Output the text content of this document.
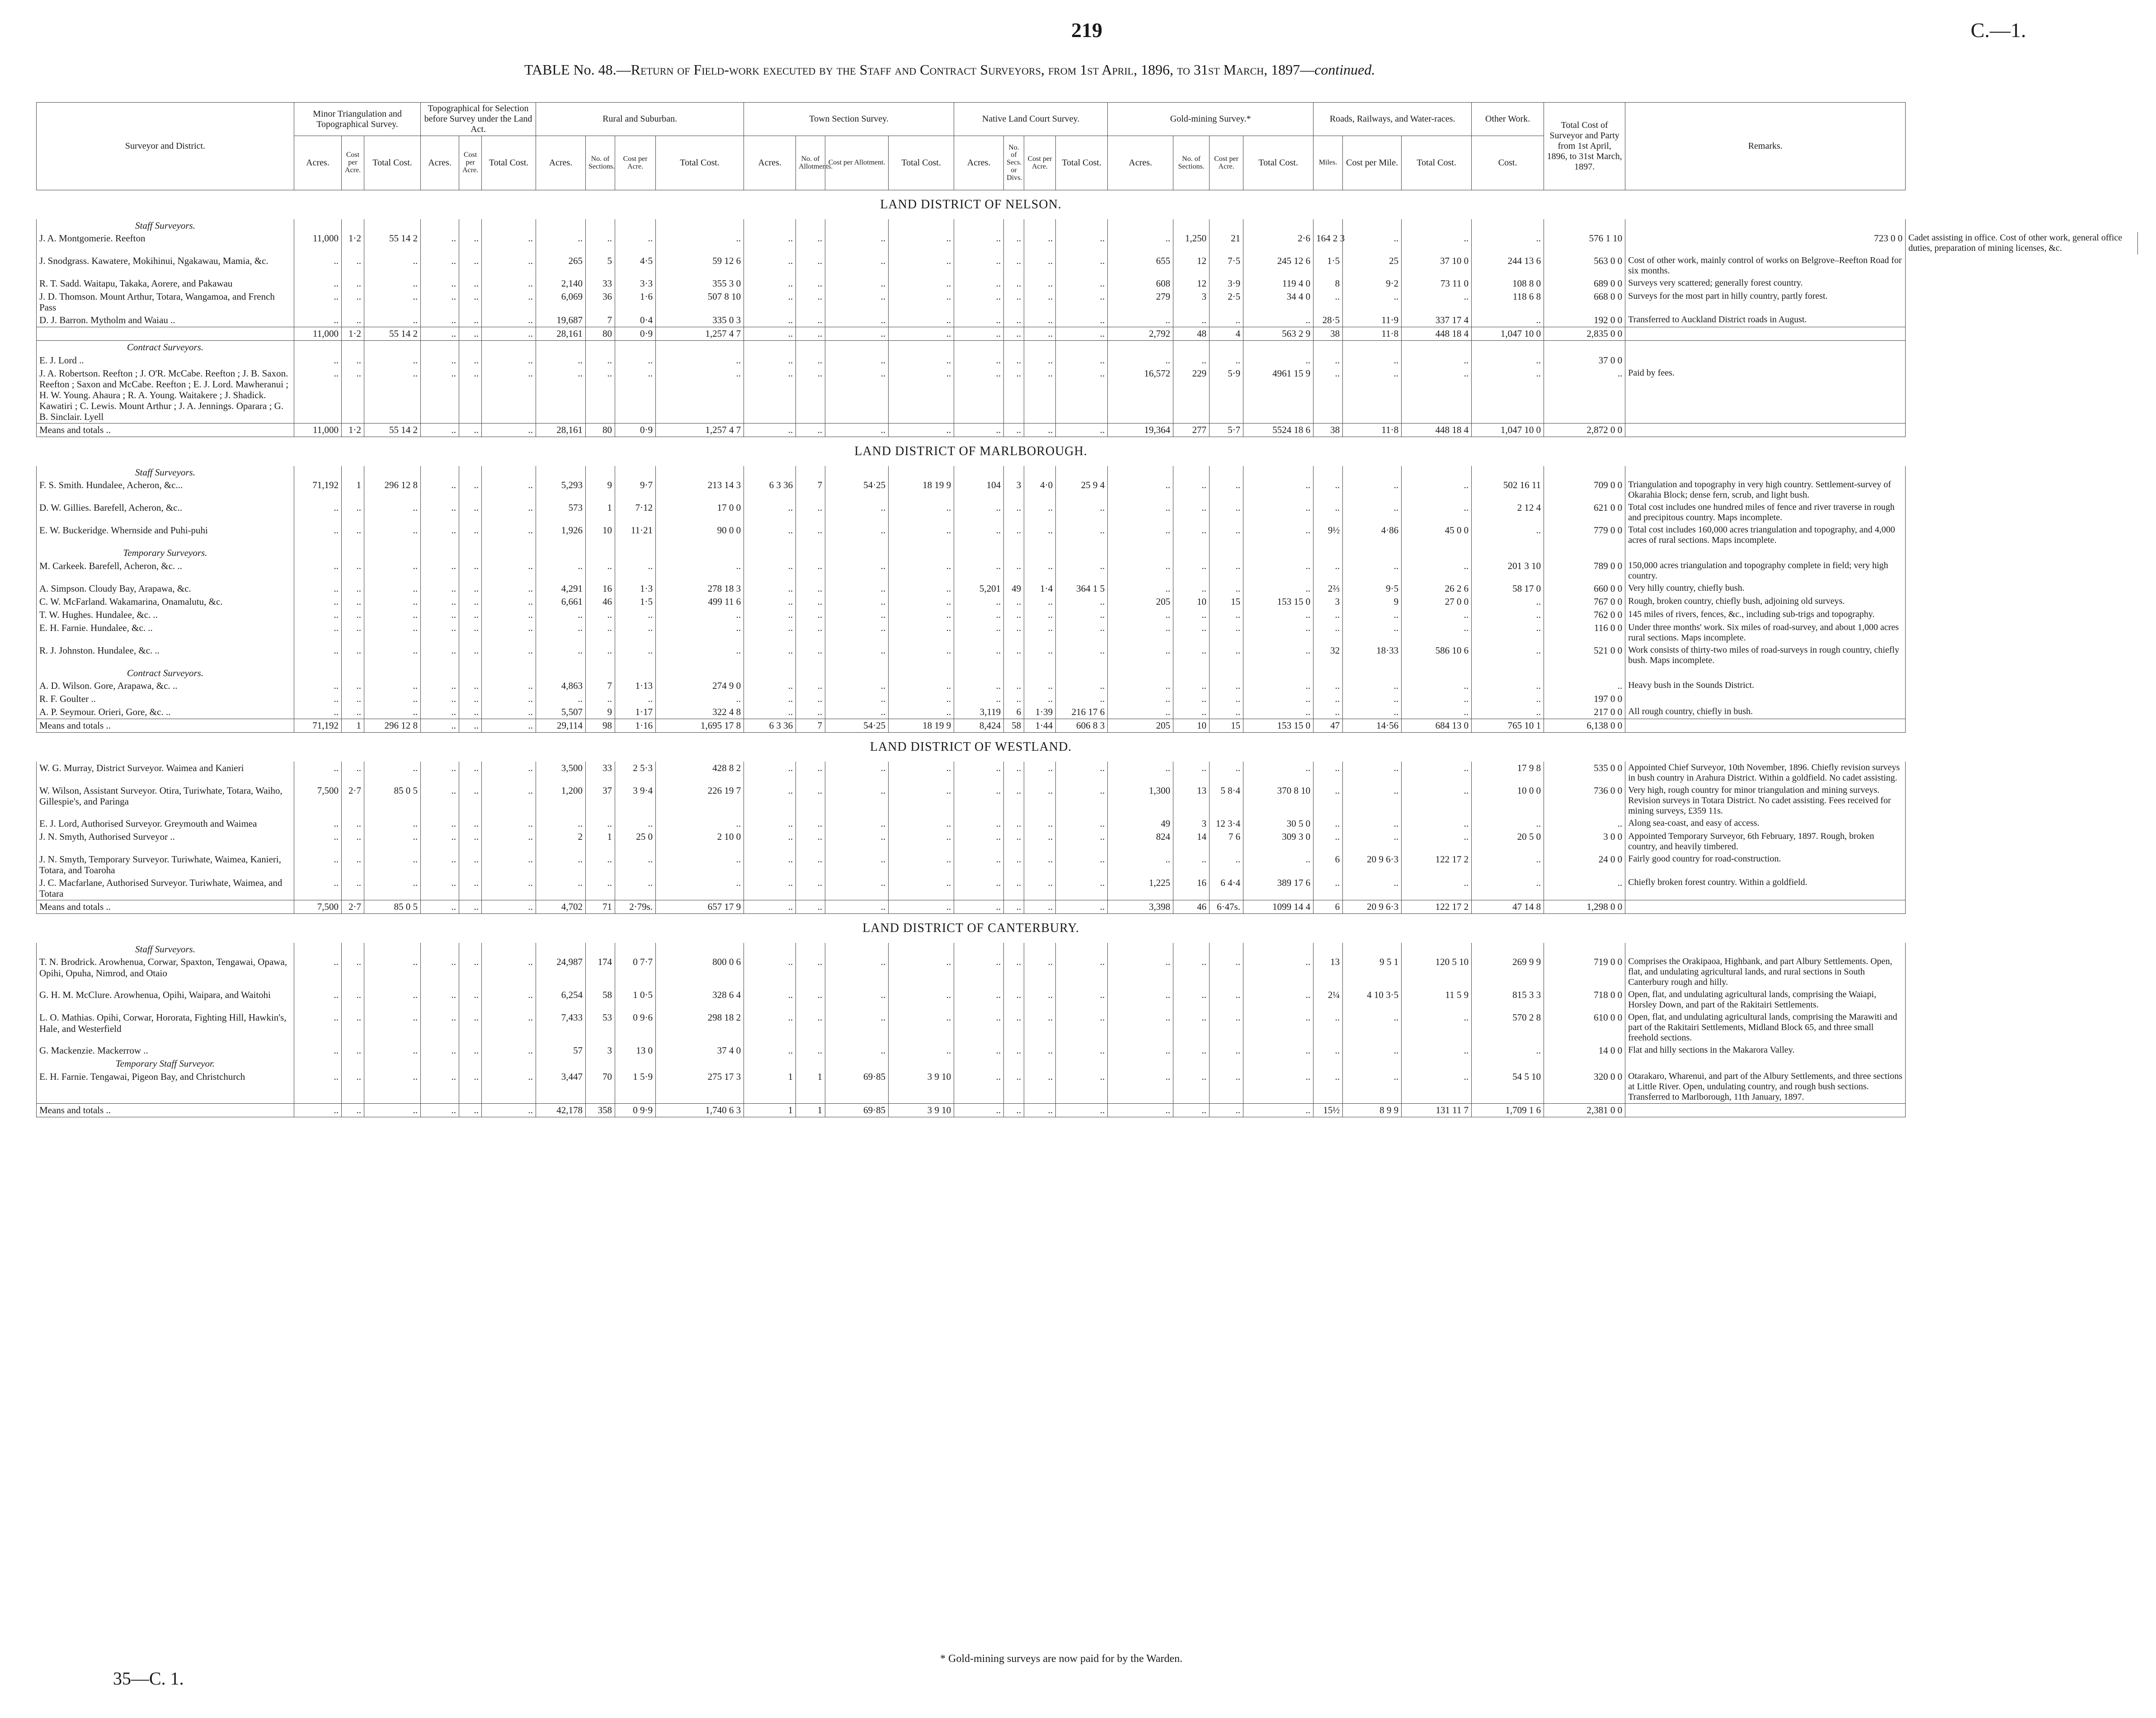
219	C.—1.
TABLE No. 48.—Return of Field-work executed by the Staff and Contract Surveyors, from 1st April, 1896, to 31st March, 1897—continued.
Surveyor and District.	Minor Triangulation and Topographical Survey.			Topographical for Selection before Survey under the Land Act.			Rural and Suburban.				Town Section Survey.				Native Land Court Survey.				Gold-mining Survey.*				Roads, Railways, and Water-races.			Other Work.	Total Cost of Surveyor and Party from 1st April, 1896, to 31st March, 1897.	Remarks.	
	Acres.	Cost per Acre.	Total Cost.	Acres.	Cost per Acre.	Total Cost.	Acres.	No. of Sections.	Cost per Acre.	Total Cost.	Acres.	No. of Allotments.	Cost per Allotment.	Total Cost.	Acres.	No. of Secs. or Divs.	Cost per Acre.	Total Cost.	Acres.	No. of Sections.	Cost per Acre.	Total Cost.	Miles.	Cost per Mile.	Total Cost.	Cost.			
LAND DISTRICT OF NELSON.																													

Staff Surveyors.																													

J. A. Montgomerie. Reefton	11,000	1·2	55 14 2	..	..	..	..	..	..	..	..	..	..	..	..	..	..	..	..	1,250	21	2·6	164 2 3	..	..	..	576 1 10	723 0 0	Cadet assisting in office. Cost of other work, general office duties, preparation of mining licenses, &c.
J. Snodgrass. Kawatere, Mokihinui, Ngakawau, Mamia, &c.	..	..	..	..	..	..	265	5	4·5	59 12 6	..	..	..	..	..	..	..	..	655	12	7·5	245 12 6	1·5	25	37 10 0	244 13 6	563 0 0	Cost of other work, mainly control of works on Belgrove–Reefton Road for six months.	
R. T. Sadd. Waitapu, Takaka, Aorere, and Pakawau	..	..	..	..	..	..	2,140	33	3·3	355 3 0	..	..	..	..	..	..	..	..	608	12	3·9	119 4 0	8	9·2	73 11 0	108 8 0	689 0 0	Surveys very scattered; generally forest country.	
J. D. Thomson. Mount Arthur, Totara, Wangamoa, and French Pass	..	..	..	..	..	..	6,069	36	1·6	507 8 10	..	..	..	..	..	..	..	..	279	3	2·5	34 4 0	..	..	..	118 6 8	668 0 0	Surveys for the most part in hilly country, partly forest.	
D. J. Barron. Mytholm and Waiau ..	..	..	..	..	..	..	19,687	7	0·4	335 0 3	..	..	..	..	..	..	..	..	..	..	..	..	28·5	11·9	337 17 4	..	192 0 0	Transferred to Auckland District roads in August.	
	11,000	1·2	55 14 2	..	..	..	28,161	80	0·9	1,257 4 7	..	..	..	..	..	..	..	..	2,792	48	4	563 2 9	38	11·8	448 18 4	1,047 10 0	2,835 0 0		

Contract Surveyors.																													

E. J. Lord ..	..	..	..	..	..	..	..	..	..	..	..	..	..	..	..	..	..	..	..	..	..	..	..	..	..	..	37 0 0		
J. A. Robertson. Reefton ; J. O'R. McCabe. Reefton ; J. B. Saxon. Reefton ; Saxon and McCabe. Reefton ; E. J. Lord. Mawheranui ; H. W. Young. Ahaura ; R. A. Young. Waitakere ; J. Shadick. Kawatiri ; C. Lewis. Mount Arthur ; J. A. Jennings. Oparara ; G. B. Sinclair. Lyell	..	..	..	..	..	..	..	..	..	..	..	..	..	..	..	..	..	..	16,572	229	5·9	4961 15 9	..	..	..	..	..	Paid by fees.	
Means and totals ..	11,000	1·2	55 14 2	..	..	..	28,161	80	0·9	1,257 4 7	..	..	..	..	..	..	..	..	19,364	277	5·7	5524 18 6	38	11·8	448 18 4	1,047 10 0	2,872 0 0		
LAND DISTRICT OF MARLBOROUGH.																													

Staff Surveyors.																													

F. S. Smith. Hundalee, Acheron, &c...	71,192	1	296 12 8	..	..	..	5,293	9	9·7	213 14 3	6 3 36	7	54·25	18 19 9	104	3	4·0	25 9 4	..	..	..	..	..	..	..	502 16 11	709 0 0	Triangulation and topography in very high country. Settlement-survey of Okarahia Block; dense fern, scrub, and light bush.	
D. W. Gillies. Barefell, Acheron, &c..	..	..	..	..	..	..	573	1	7·12	17 0 0	..	..	..	..	..	..	..	..	..	..	..	..	..	..	..	2 12 4	621 0 0	Total cost includes one hundred miles of fence and river traverse in rough and precipitous country. Maps incomplete.	
E. W. Buckeridge. Whernside and Puhi-puhi	..	..	..	..	..	..	1,926	10	11·21	90 0 0	..	..	..	..	..	..	..	..	..	..	..	..	9½	4·86	45 0 0	..	779 0 0	Total cost includes 160,000 acres triangulation and topography, and 4,000 acres of rural sections. Maps incomplete.	

Temporary Surveyors.																													

M. Carkeek. Barefell, Acheron, &c. ..	..	..	..	..	..	..	..	..	..	..	..	..	..	..	..	..	..	..	..	..	..	..	..	..	..	201 3 10	789 0 0	150,000 acres triangulation and topography complete in field; very high country.	
A. Simpson. Cloudy Bay, Arapawa, &c.	..	..	..	..	..	..	4,291	16	1·3	278 18 3	..	..	..	..	5,201	49	1·4	364 1 5	..	..	..	..	2⅔	9·5	26 2 6	58 17 0	660 0 0	Very hilly country, chiefly bush.	
C. W. McFarland. Wakamarina, Onamalutu, &c.	..	..	..	..	..	..	6,661	46	1·5	499 11 6	..	..	..	..	..	..	..	..	205	10	15	153 15 0	3	9	27 0 0	..	767 0 0	Rough, broken country, chiefly bush, adjoining old surveys.	
T. W. Hughes. Hundalee, &c. ..	..	..	..	..	..	..	..	..	..	..	..	..	..	..	..	..	..	..	..	..	..	..	..	..	..	..	762 0 0	145 miles of rivers, fences, &c., including sub-trigs and topography.	
E. H. Farnie. Hundalee, &c. ..	..	..	..	..	..	..	..	..	..	..	..	..	..	..	..	..	..	..	..	..	..	..	..	..	..	..	116 0 0	Under three months' work. Six miles of road-survey, and about 1,000 acres rural sections. Maps incomplete.	
R. J. Johnston. Hundalee, &c. ..	..	..	..	..	..	..	..	..	..	..	..	..	..	..	..	..	..	..	..	..	..	..	32	18·33	586 10 6	..	521 0 0	Work consists of thirty-two miles of road-surveys in rough country, chiefly bush. Maps incomplete.	

Contract Surveyors.																													

A. D. Wilson. Gore, Arapawa, &c. ..	..	..	..	..	..	..	4,863	7	1·13	274 9 0	..	..	..	..	..	..	..	..	..	..	..	..	..	..	..	..	..	Heavy bush in the Sounds District.	
R. F. Goulter ..	..	..	..	..	..	..	..	..	..	..	..	..	..	..	..	..	..	..	..	..	..	..	..	..	..	..	197 0 0		
A. P. Seymour. Orieri, Gore, &c. ..	..	..	..	..	..	..	5,507	9	1·17	322 4 8	..	..	..	..	3,119	6	1·39	216 17 6	..	..	..	..	..	..	..	..	217 0 0	All rough country, chiefly in bush.	
Means and totals ..	71,192	1	296 12 8	..	..	..	29,114	98	1·16	1,695 17 8	6 3 36	7	54·25	18 19 9	8,424	58	1·44	606 8 3	205	10	15	153 15 0	47	14·56	684 13 0	765 10 1	6,138 0 0		
LAND DISTRICT OF WESTLAND.																													
W. G. Murray, District Surveyor. Waimea and Kanieri	..	..	..	..	..	..	3,500	33	2 5·3	428 8 2	..	..	..	..	..	..	..	..	..	..	..	..	..	..	..	17 9 8	535 0 0	Appointed Chief Surveyor, 10th November, 1896. Chiefly revision surveys in bush country in Arahura District. Within a goldfield. No cadet assisting.	
W. Wilson, Assistant Surveyor. Otira, Turiwhate, Totara, Waiho, Gillespie's, and Paringa	7,500	2·7	85 0 5	..	..	..	1,200	37	3 9·4	226 19 7	..	..	..	..	..	..	..	..	1,300	13	5 8·4	370 8 10	..	..	..	10 0 0	736 0 0	Very high, rough country for minor triangulation and mining surveys. Revision surveys in Totara District. No cadet assisting. Fees received for mining surveys, £359 11s.	
E. J. Lord, Authorised Surveyor. Greymouth and Waimea	..	..	..	..	..	..	..	..	..	..	..	..	..	..	..	..	..	..	49	3	12 3·4	30 5 0	..	..	..	..	..	Along sea-coast, and easy of access.	
J. N. Smyth, Authorised Surveyor ..	..	..	..	..	..	..	2	1	25 0	2 10 0	..	..	..	..	..	..	..	..	824	14	7 6	309 3 0	..	..	..	20 5 0	3 0 0	Appointed Temporary Surveyor, 6th February, 1897. Rough, broken country, and heavily timbered.	
J. N. Smyth, Temporary Surveyor. Turiwhate, Waimea, Kanieri, Totara, and Toaroha	..	..	..	..	..	..	..	..	..	..	..	..	..	..	..	..	..	..	..	..	..	..	6	20 9 6·3	122 17 2	..	24 0 0	Fairly good country for road-construction.	
J. C. Macfarlane, Authorised Surveyor. Turiwhate, Waimea, and Totara	..	..	..	..	..	..	..	..	..	..	..	..	..	..	..	..	..	..	1,225	16	6 4·4	389 17 6	..	..	..	..	..	Chiefly broken forest country. Within a goldfield.	
Means and totals ..	7,500	2·7	85 0 5	..	..	..	4,702	71	2·79s.	657 17 9	..	..	..	..	..	..	..	..	3,398	46	6·47s.	1099 14 4	6	20 9 6·3	122 17 2	47 14 8	1,298 0 0		
LAND DISTRICT OF CANTERBURY.																													

Staff Surveyors.																													

T. N. Brodrick. Arowhenua, Corwar, Spaxton, Tengawai, Opawa, Opihi, Opuha, Nimrod, and Otaio	..	..	..	..	..	..	24,987	174	0 7·7	800 0 6	..	..	..	..	..	..	..	..	..	..	..	..	13	9 5 1	120 5 10	269 9 9	719 0 0	Comprises the Orakipaoa, Highbank, and part Albury Settlements. Open, flat, and undulating agricultural lands, and rural sections in South Canterbury rough and hilly.	
G. H. M. McClure. Arowhenua, Opihi, Waipara, and Waitohi	..	..	..	..	..	..	6,254	58	1 0·5	328 6 4	..	..	..	..	..	..	..	..	..	..	..	..	2¼	4 10 3·5	11 5 9	815 3 3	718 0 0	Open, flat, and undulating agricultural lands, comprising the Waiapi, Horsley Down, and part of the Rakitairi Settlements.	
L. O. Mathias. Opihi, Corwar, Hororata, Fighting Hill, Hawkin's, Hale, and Westerfield	..	..	..	..	..	..	7,433	53	0 9·6	298 18 2	..	..	..	..	..	..	..	..	..	..	..	..	..	..	..	570 2 8	610 0 0	Open, flat, and undulating agricultural lands, comprising the Marawiti and part of the Rakitairi Settlements, Midland Block 65, and three small freehold sections.	
G. Mackenzie. Mackerrow ..	..	..	..	..	..	..	57	3	13 0	37 4 0	..	..	..	..	..	..	..	..	..	..	..	..	..	..	..	..	14 0 0	Flat and hilly sections in the Makarora Valley.	

Temporary Staff Surveyor.																													

E. H. Farnie. Tengawai, Pigeon Bay, and Christchurch	..	..	..	..	..	..	3,447	70	1 5·9	275 17 3	1	1	69·85	3 9 10	..	..	..	..	..	..	..	..	..	..	..	54 5 10	320 0 0	Otarakaro, Wharenui, and part of the Albury Settlements, and three sections at Little River. Open, undulating country, and rough bush sections. Transferred to Marlborough, 11th January, 1897.	
Means and totals ..	..	..	..	..	..	..	42,178	358	0 9·9	1,740 6 3	1	1	69·85	3 9 10	..	..	..	..	..	..	..	..	15½	8 9 9	131 11 7	1,709 1 6	2,381 0 0		
* Gold-mining surveys are now paid for by the Warden.
35—C. 1.
